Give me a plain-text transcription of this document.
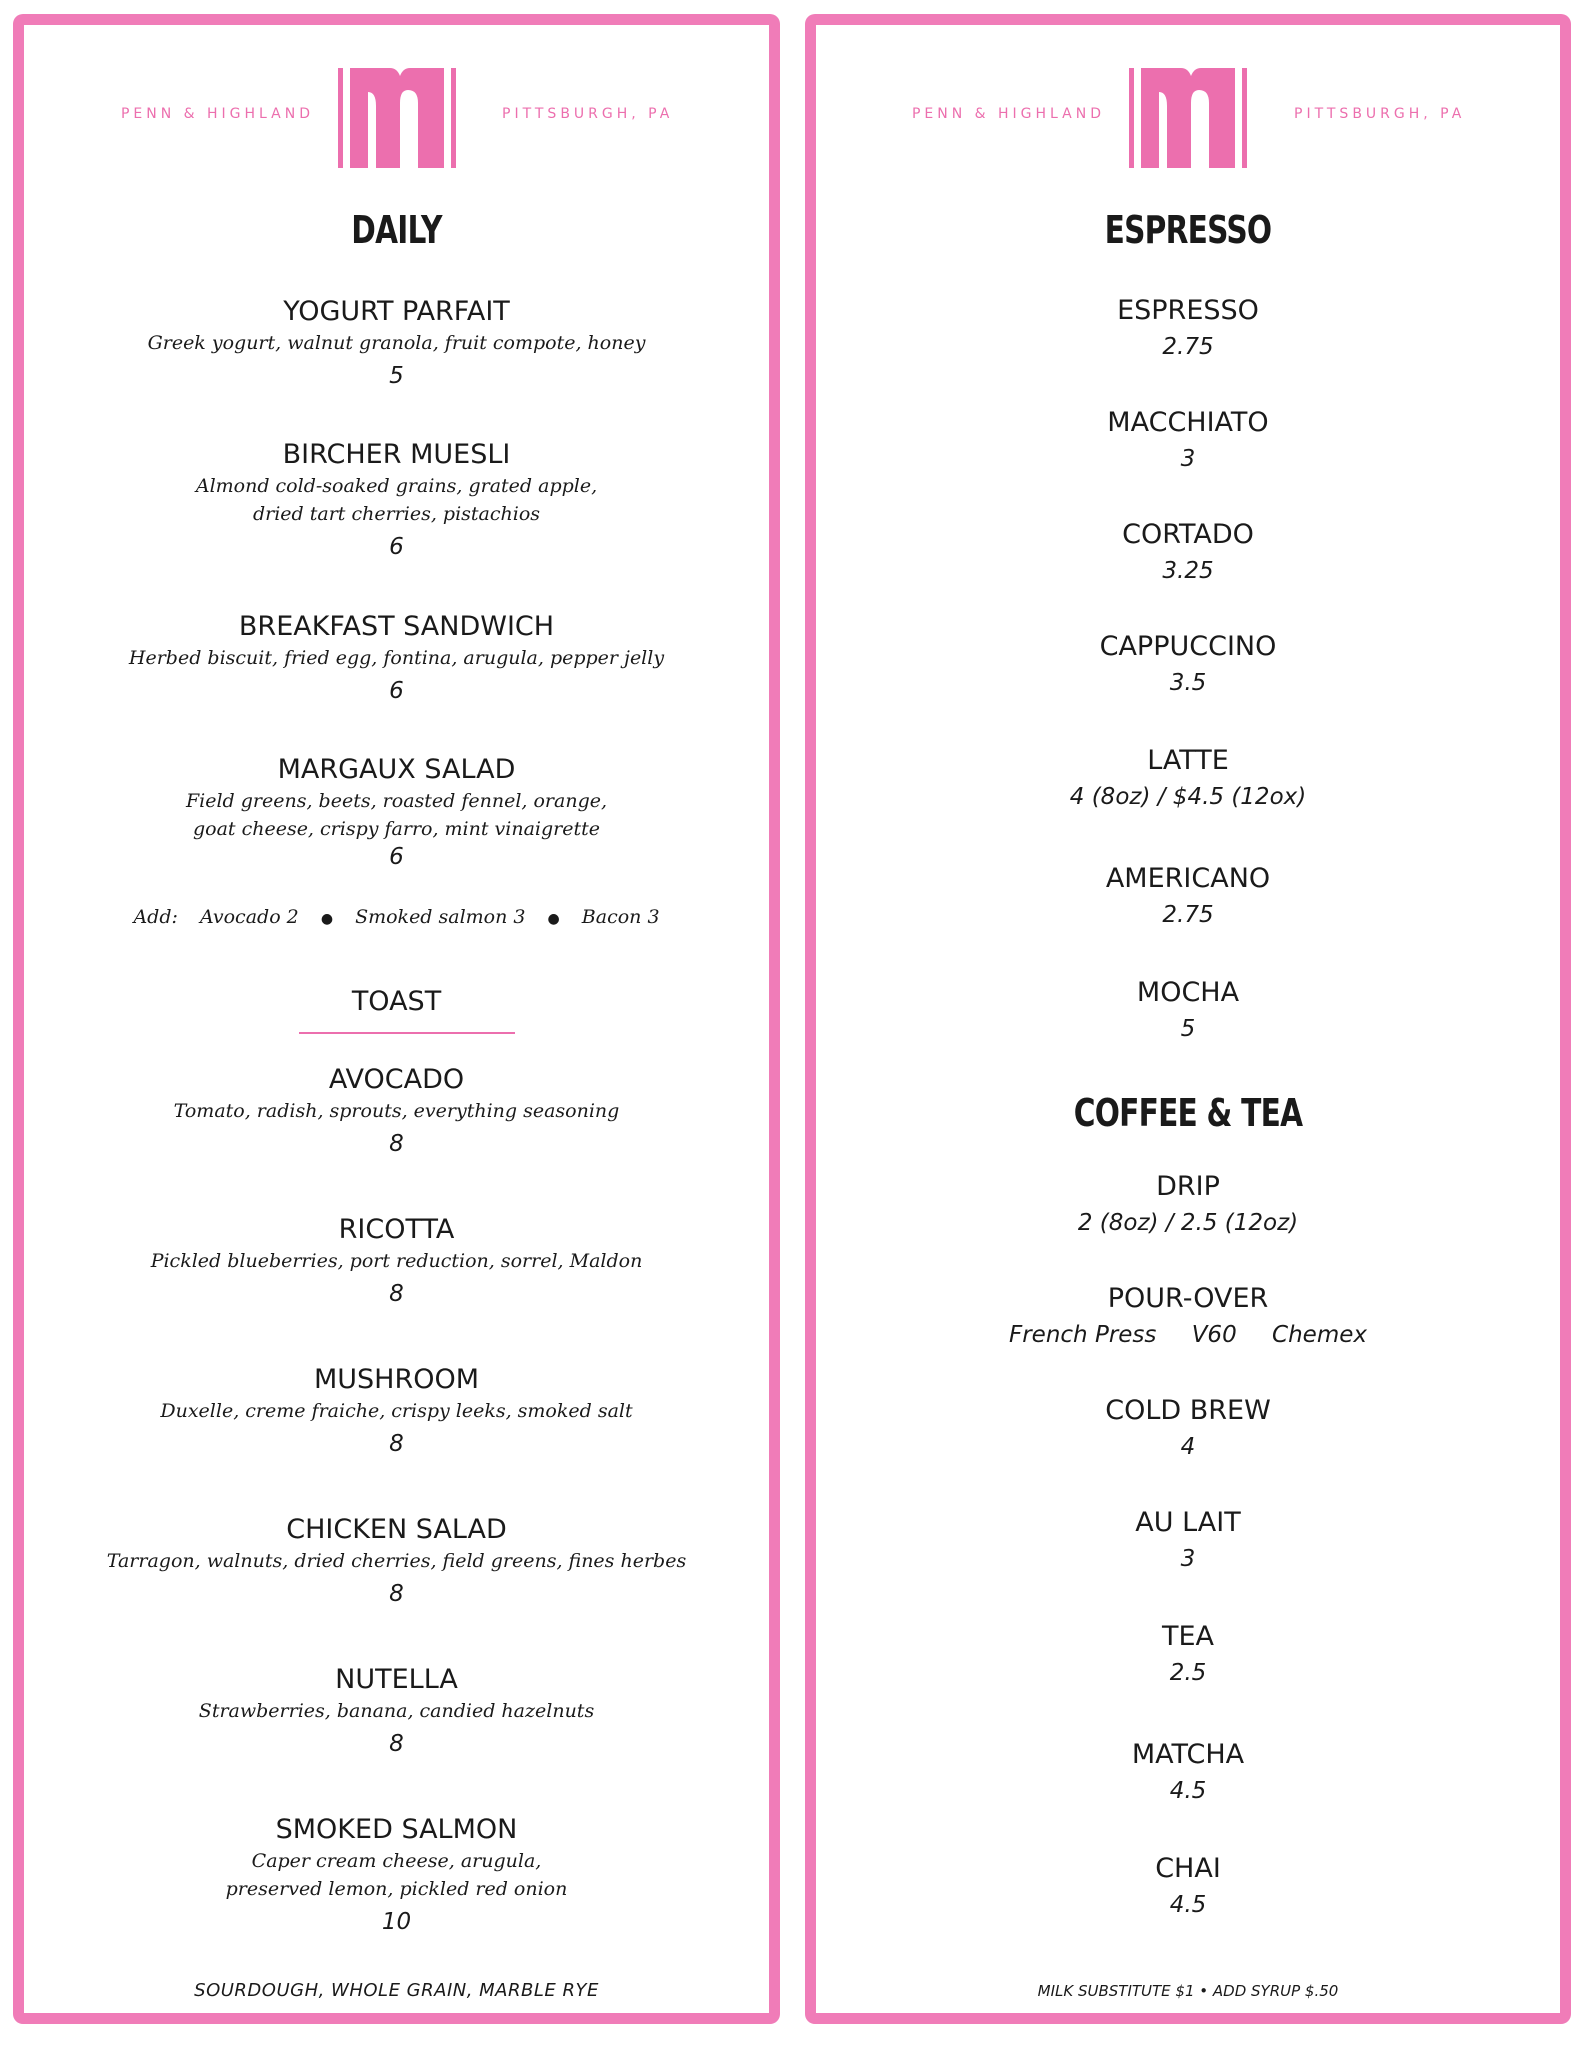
PENN & HIGHLAND	PITTSBURGH, PA
DAILY
YOGURT PARFAIT
Greek yogurt, walnut granola, fruit compote, honey
5
BIRCHER MUESLI
Almond cold-soaked grains, grated apple,
dried tart cherries, pistachios
6
BREAKFAST SANDWICH
Herbed biscuit, fried egg, fontina, arugula, pepper jelly
6
MARGAUX SALAD
Field greens, beets, roasted fennel, orange,
goat cheese, crispy farro, mint vinaigrette
6
Add: Avocado 2 ● Smoked salmon 3 ● Bacon 3
TOAST
AVOCADO
Tomato, radish, sprouts, everything seasoning
8
RICOTTA
Pickled blueberries, port reduction, sorrel, Maldon
8
MUSHROOM
Duxelle, creme fraiche, crispy leeks, smoked salt
8
CHICKEN SALAD
Tarragon, walnuts, dried cherries, field greens, fines herbes
8
NUTELLA
Strawberries, banana, candied hazelnuts
8
SMOKED SALMON
Caper cream cheese, arugula,
preserved lemon, pickled red onion
10
SOURDOUGH, WHOLE GRAIN, MARBLE RYE
PENN & HIGHLAND	PITTSBURGH, PA
ESPRESSO
ESPRESSO
2.75
MACCHIATO
3
CORTADO
3.25
CAPPUCCINO
3.5
LATTE
4 (8oz) / $4.5 (12ox)
AMERICANO
2.75
MOCHA
5
COFFEE & TEA
DRIP
2 (8oz) / 2.5 (12oz)
POUR-OVER
French Press V60 Chemex
COLD BREW
4
AU LAIT
3
TEA
2.5
MATCHA
4.5
CHAI
4.5
MILK SUBSTITUTE $1 • ADD SYRUP $.50
